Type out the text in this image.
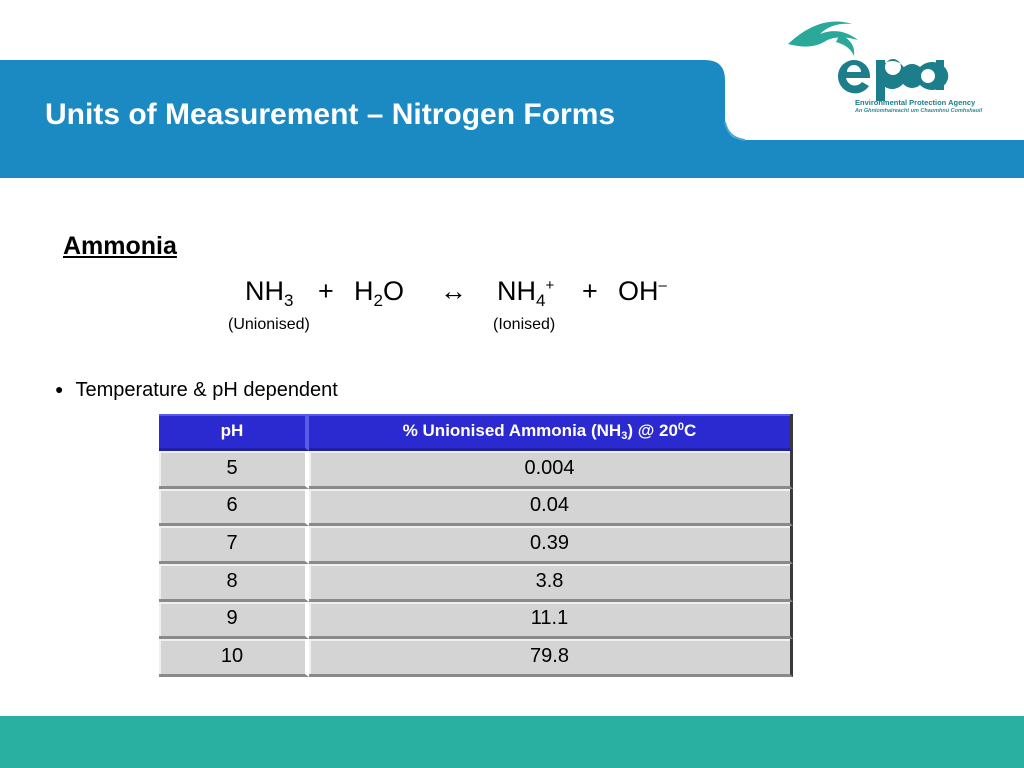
Units of Measurement – Nitrogen Forms	Environmental Protection Agency
An Ghníomhaireacht um Chaomhnú Comhshaoil
Ammonia
$NH_3 + H_2O$ ↔ $NH_4^+ + OH^-$
(Unionised)	(Ionised)
● Temperature & pH dependent
pH	% Unionised Ammonia $(NH_3)$ @ $20^0C$
5	0.004
6	0.04
7	0.39
8	3.8
9	11.1
10	79.8
